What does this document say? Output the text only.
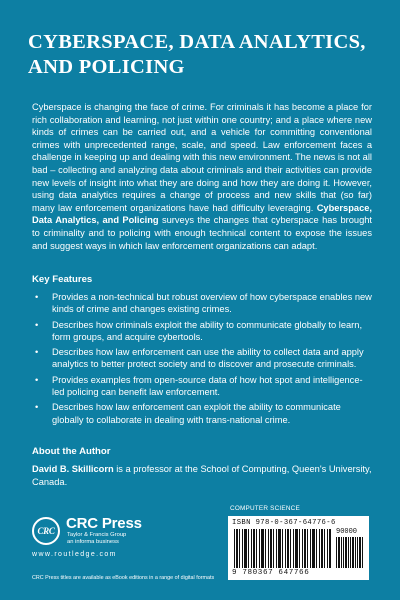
CYBERSPACE, DATA ANALYTICS, AND POLICING

Cyberspace is changing the face of crime. For criminals it has become a place for rich collaboration and learning, not just within one country; and a place where new kinds of crimes can be carried out, and a vehicle for committing conventional crimes with unprecedented range, scale, and speed. Law enforcement faces a challenge in keeping up and dealing with this new environment. The news is not all bad – collecting and analyzing data about criminals and their activities can provide new levels of insight into what they are doing and how they are doing it. However, using data analytics requires a change of process and new skills that (so far) many law enforcement organizations have had difficulty leveraging. Cyberspace, Data Analytics, and Policing surveys the changes that cyberspace has brought to criminality and to policing with enough technical content to expose the issues and suggest ways in which law enforcement organizations can adapt.

Key Features
• Provides a non-technical but robust overview of how cyberspace enables new kinds of crime and changes existing crimes.
• Describes how criminals exploit the ability to communicate globally to learn, form groups, and acquire cybertools.
• Describes how law enforcement can use the ability to collect data and apply analytics to better protect society and to discover and prosecute criminals.
• Provides examples from open-source data of how hot spot and intelligence-led policing can benefit law enforcement.
• Describes how law enforcement can exploit the ability to communicate globally to collaborate in dealing with trans-national crime.
About the Author

David B. Skillicorn is a professor at the School of Computing, Queen's University, Canada.

CRC CRC Press
Taylor & Francis Group
an informa business
www.routledge.com
CRC Press titles are available as eBook editions in a range of digital formats
COMPUTER SCIENCE
ISBN 978-0-367-64776-6
90000
9 780367 647766
